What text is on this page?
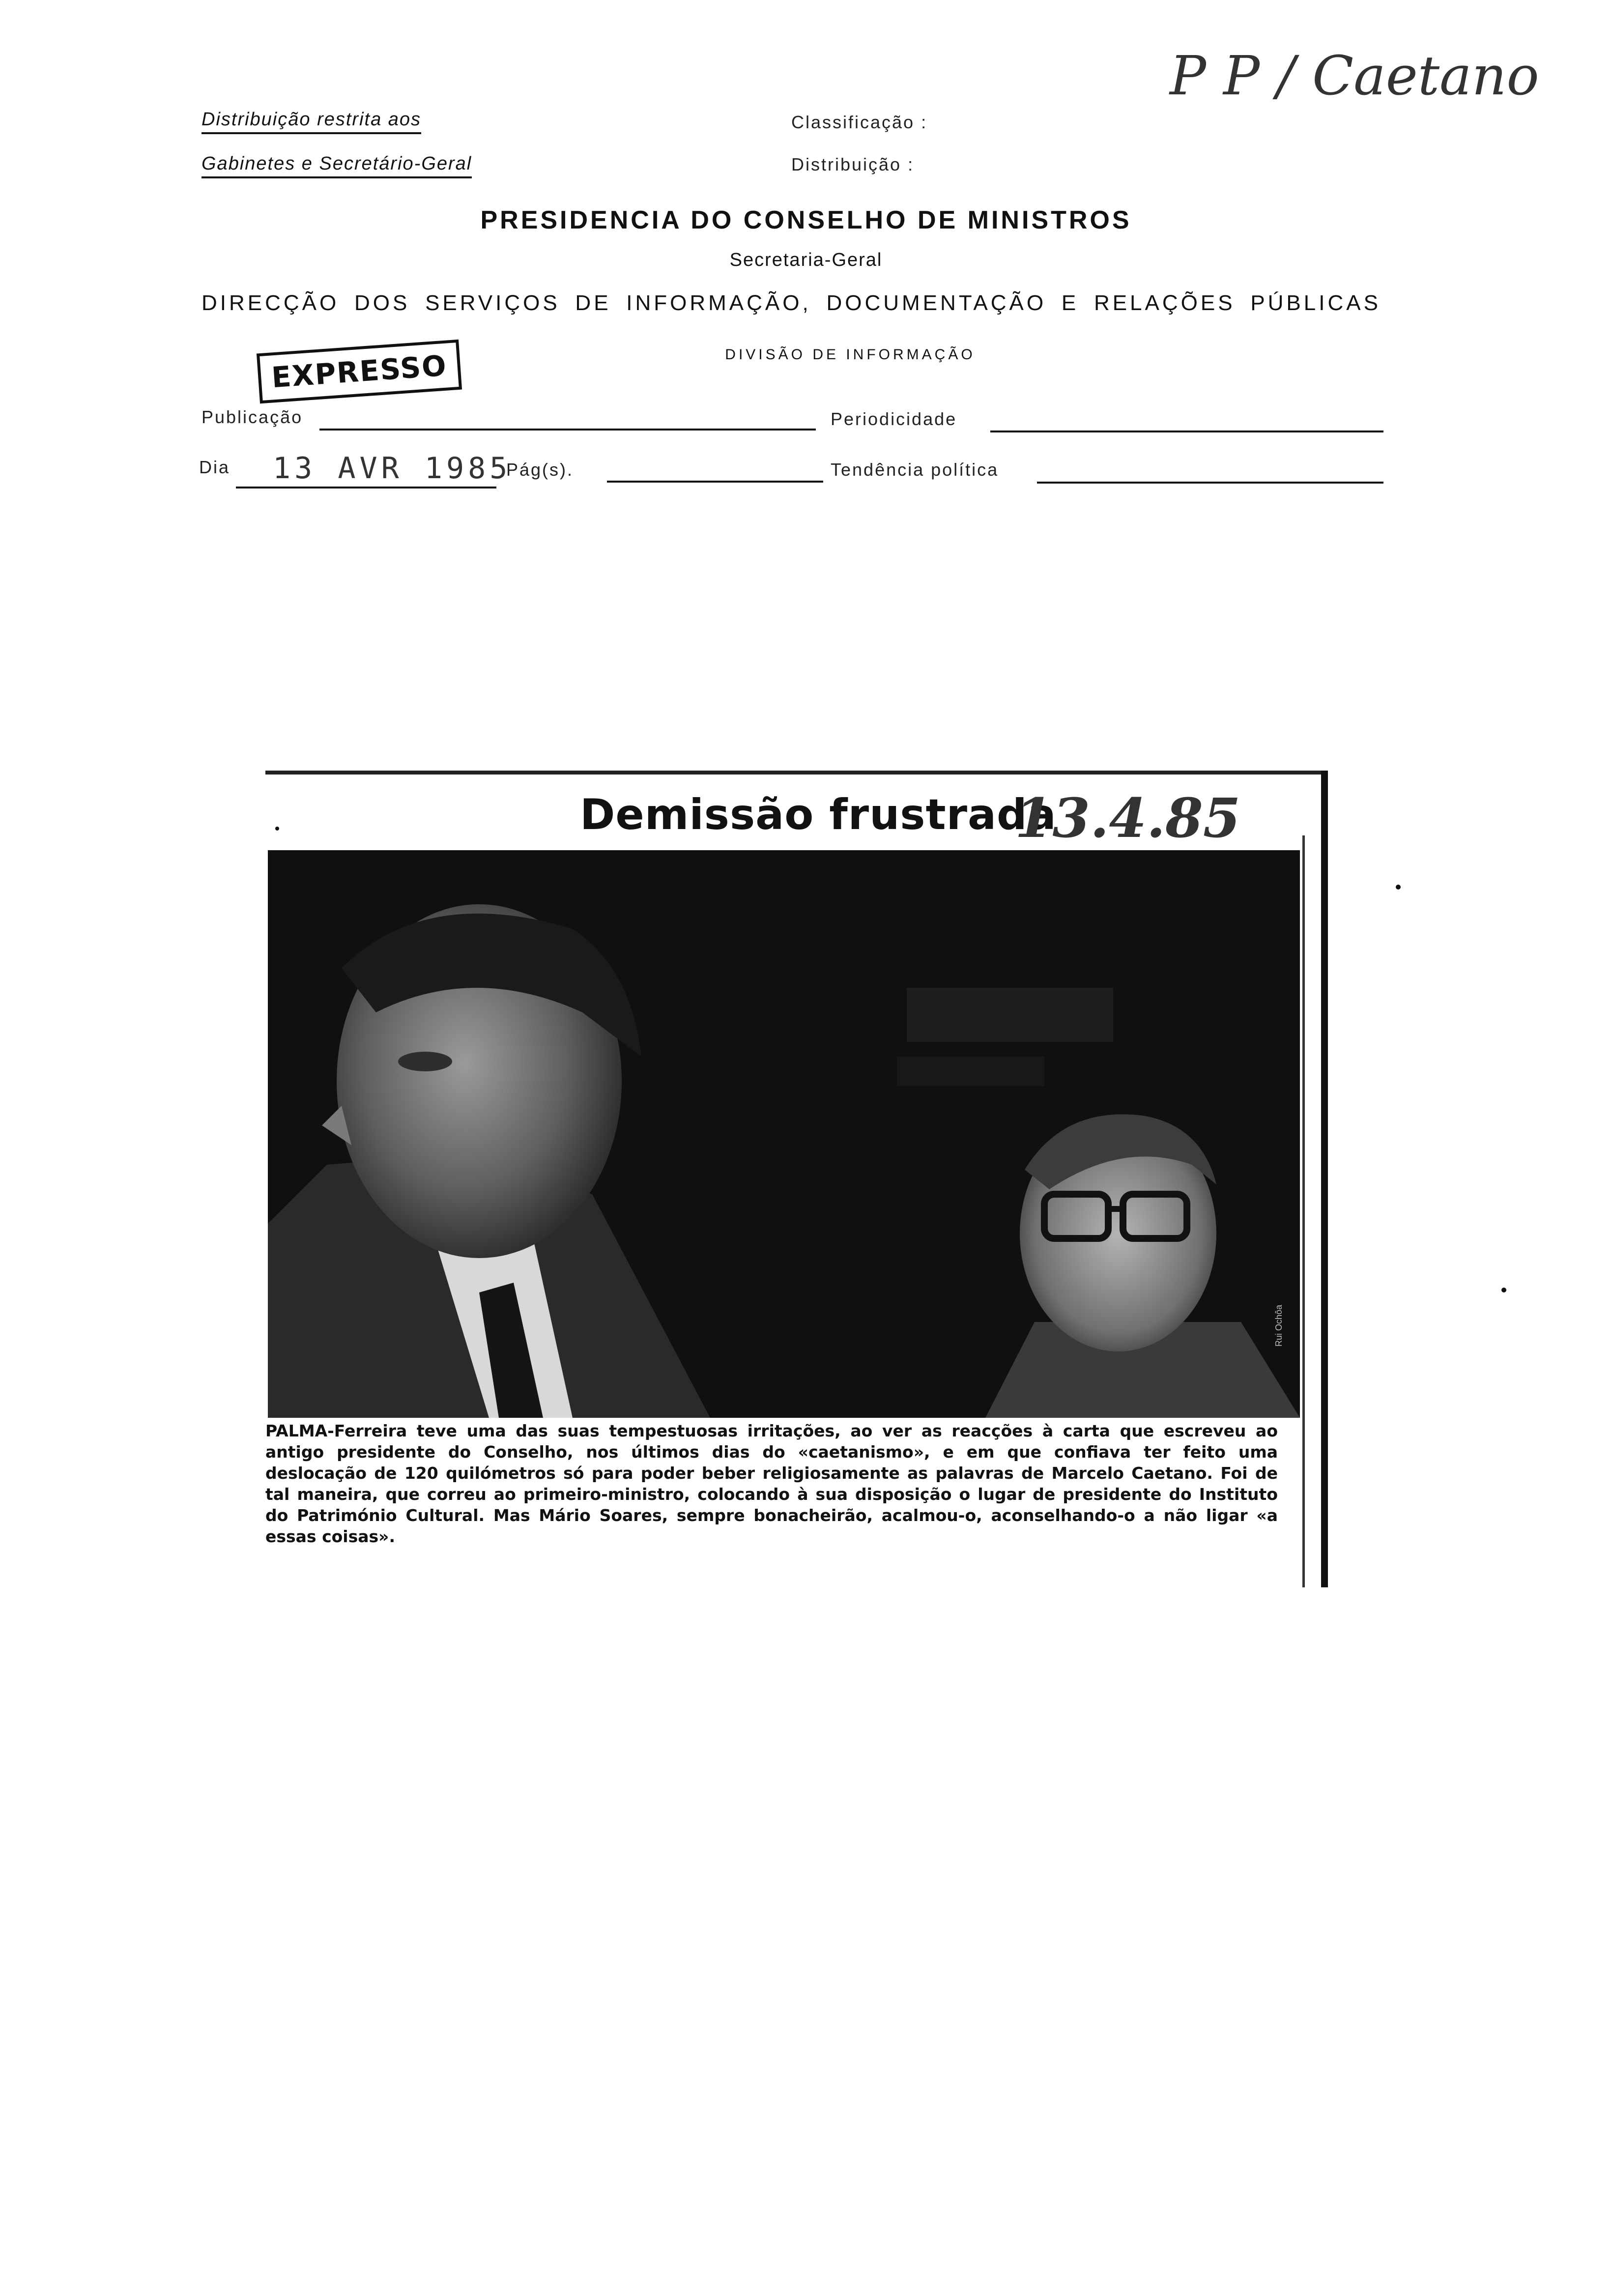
Distribuição restrita aos
Gabinetes e Secretário-Geral
Classificação :
Distribuição :
P P / Caetano
PRESIDENCIA DO CONSELHO DE MINISTROS
Secretaria-Geral
DIRECÇÃO DOS SERVIÇOS DE INFORMAÇÃO, DOCUMENTAÇÃO E RELAÇÕES PÚBLICAS
DIVISÃO DE INFORMAÇÃO
EXPRESSO
Publicação	Periodicidade
Dia 13 AVR 1985
Pág(s).	Tendência política
Demissão frustrada
13.4.85
Rui Ochôa
PALMA-Ferreira teve uma das suas tempestuosas irritações, ao ver as reacções à carta que escreveu ao antigo presidente do Conselho, nos últimos dias do «caetanismo», e em que confiava ter feito uma deslocação de 120 quilómetros só para poder beber religiosamente as palavras de Marcelo Caetano. Foi de tal maneira, que correu ao primeiro-ministro, colocando à sua disposição o lugar de presidente do Instituto do Património Cultural. Mas Mário Soares, sempre bonacheirão, acalmou-o, aconselhando-o a não ligar «a essas coisas».
